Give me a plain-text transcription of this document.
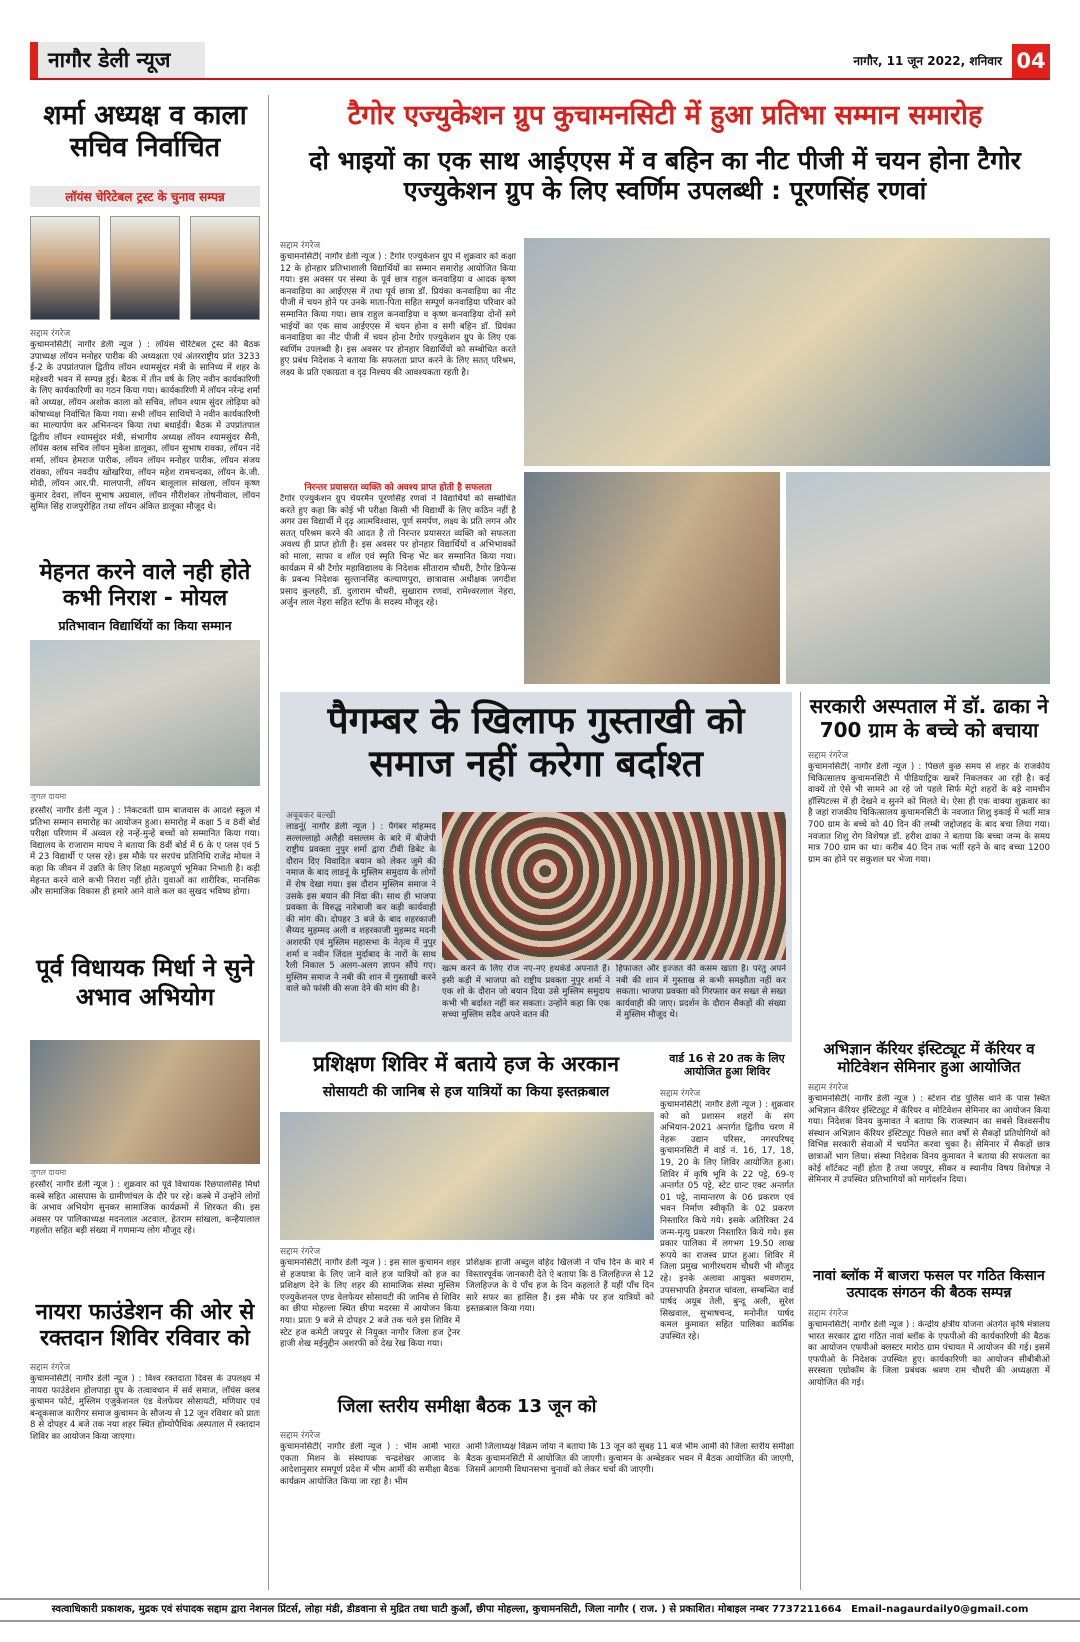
नागौर डेली न्यूज	नागौर, 11 जून 2022, शनिवार 04
शर्मा अध्यक्ष व काला सचिव निर्वाचित
लॉयंस चेरिटेबल ट्रस्ट के चुनाव सम्पन्न
सद्दाम रंगरेज
कुचामनसिटी( नागौर डेली न्यूज ) : लॉयंस चेरिटेबल ट्रस्ट की बैठक उपाध्यक्ष लॉयन मनोहर पारीक की अध्यक्षता एवं अंतरराष्ट्रीय प्रांत 3233 ई-2 के उपप्रांतपाल द्वितीय लॉयन श्यामसुंदर मंत्री के सानिध्य में शहर के महेश्वरी भवन में सम्पन्न हुई। बैठक में तीन वर्ष के लिए नवीन कार्यकारिणी के लिए कार्यकारिणी का गठन किया गया। कार्यकारिणी में लॉयन नरेन्द्र शर्मा को अध्यक्ष, लॉयन अशोक काला को सचिव, लॉयन श्याम सुंदर लोढ़िया को कोषाध्यक्ष निर्वाचित किया गया। सभी लॉयन साथियों ने नवीन कार्यकारिणी का माल्यार्पण कर अभिनन्दन किया तथा बधाईदी। बैठक में उपप्रांतपाल द्वितीय लॉयन श्यामसुंदर मंत्री, संभागीय अध्यक्ष लॉयन श्यामसुंदर सैनी, लॉयंस क्लब सचिव लॉयन मुकेश डालूका, लॉयन सुभाष रावका, लॉयन नंदे शर्मा, लॉयन हेमराज पारीक, लॉयन लॉयन मनोहर पारीक, लॉयन संजय रांवका, लॉयन नवदीप खोखरिया, लॉयन महेश रामचन्दका, लॉयन के.जी. मोदी, लॉयन आर.पी. मालपानी, लॉयन बालूलाल सांखला, लॉयन कृष्ण कुमार देवरा, लॉयन सुभाष अग्रवाल, लॉयन गौरीशंकर तोषनीवाल, लॉयन सुमित सिंह राजपुरोहित तथा लॉयन अंकित डालूका मौजूद थे।
मेहनत करने वाले नही होते कभी निराश - मोयल
प्रतिभावान विद्यार्थियों का किया सम्मान
जुगल दायमा
हरसौर( नागौर डेली न्यूज ) : निकटवर्ती ग्राम बाजवास के आदर्श स्कूल में प्रतिभा सम्मान समारोह का आयोजन हुआ। समारोह में कक्षा 5 व 8वीं बोर्ड परीक्षा परिणाम में अव्वल रहे नन्हें-मुन्हें बच्चों को सम्मानित किया गया। विद्यालय के राजाराम मायच ने बताया कि 8वीं बोर्ड में 6 के ए प्लस एवं 5 में 23 विद्यार्थी ए प्लस रहे। इस मौके पर सरपंच प्रतिनिधि राजेंद्र मोयल ने कहा कि जीवन में उन्नति के लिए शिक्षा महत्वपूर्ण भूमिका निभाती है। कड़ी मेहनत करने वाले कभी निराश नहीं होते। युवाओं का शारीरिक, मानसिक और सामाजिक विकास ही हमारे आने वाले कल का सुखद भविष्य होगा।
पूर्व विधायक मिर्धा ने सुने अभाव अभियोग
जुगल दायमा
हरसौर( नागौर डेली न्यूज ) : शुक्रवार को पूर्व विधायक रिछपालसिंह मिर्धा कस्बे सहित आसपास के ग्रामीणांचल के दौरे पर रहे। कस्बे में उन्होंने लोगों के अभाव अभियोग सुनकर सामाजिक कार्यक्रमों में शिरकत की। इस अवसर पर पालिकाध्यक्ष मदनलाल अटवाल, हेतराम सांखला, कन्हैयालाल गहलोत सहित बड़ी संख्या में गणमान्य लोग मौजूद रहे।
नायरा फाउंडेशन की ओर से रक्तदान शिविर रविवार को
सद्दाम रंगरेज
कुचामनसिटी( नागौर डेली न्यूज ) : विश्व रक्तदाता दिवस के उपलक्ष्य में नायरा फाउंडेशन होलपाड़ा ग्रुप के तत्वावधान में सर्व समाज, लॉयंस क्लब कुचामन फोर्ट, मुस्लिम एजुकेशनल एंड वेलफेयर सोसायटी, मणियार एवं बन्दूकसाज कारीगर समाज कुचामन के सौजन्य से 12 जून रविवार को प्रातः 8 से दोपहर 4 बजे तक नया शहर स्थित होम्योपैथिक अस्पताल में रक्तदान शिविर का आयोजन किया जाएगा।
टैगोर एज्युकेशन ग्रुप कुचामनसिटी में हुआ प्रतिभा सम्मान समारोह
दो भाइयों का एक साथ आईएएस में व बहिन का नीट पीजी में चयन होना टैगोर एज्युकेशन ग्रुप के लिए स्वर्णिम उपलब्धी : पूरणसिंह रणवां
सद्दाम रंगरेज
कुचामनसिटी( नागौर डेली न्यूज ) : टैगोर एज्युकेशन ग्रुप में शुक्रवार को कक्षा 12 के होनहार प्रतिभाशाली विद्यार्थियों का सम्मान समारोह आयोजित किया गया। इस अवसर पर संस्था के पूर्व छात्र राहुल कनवाड़िया व आदक कृष्ण कनवाड़िया का आईएएस में तथा पूर्व छात्रा डॉ. प्रियंका कनवाड़िया का नीट पीजी में चयन होने पर उनके माता-पिता सहित सम्पूर्ण कनवाड़िया परिवार को सम्मानित किया गया। छात्र राहुल कनवाड़िया व कृष्ण कनवाड़िया दोनों सगे भाईयों का एक साथ आईएएस में चयन होना व सगी बहिन डॉ. प्रियंका कनवाड़िया का नीट पीजी में चयन होना टैगोर एज्युकेशन ग्रुप के लिए एक स्वर्णिम उपलब्धी है। इस अवसर पर होनहार विद्यार्थियों को सम्बोधित करते हुए प्रबंध निदेशक ने बताया कि सफलता प्राप्त करने के लिए सतत् परिश्रम, लक्ष्य के प्रति एकाग्रता व दृढ़ निश्चय की आवश्यकता रहती है।
निरन्तर प्रयासरत व्यक्ति को अवश्य प्राप्त होती है सफलता
टैगोर एज्युकेशन ग्रुप चेयरमैन पूरणसिंह रणवां ने विद्यार्थियों को सम्बोधित करते हुए कहा कि कोई भी परीक्षा किसी भी विद्यार्थी के लिए कठिन नहीं है अगर उस विद्यार्थी में दृढ़ आत्मविश्वास, पूर्ण समर्पण, लक्ष्य के प्रति लगन और सतत् परिश्रम करने की आदत है तो निरन्तर प्रयासरत व्यक्ति को सफलता अवश्य ही प्राप्त होती है। इस अवसर पर होनहार विद्यार्थियों व अभिभावकों को माला, साफा व शॉल एवं स्मृति चिन्ह भेंट कर सम्मानित किया गया। कार्यक्रम में श्री टैगोर महाविद्यालय के निदेशक सीताराम चौधरी, टैगोर डिफेन्स के प्रबन्ध निदेशक सुल्तानसिंह कल्याणपुरा, छात्रावास अधीक्षक जगदीश प्रसाद कुलहरी, डॉ. दुलाराम चौधरी, सुखाराम रणवां, रामेश्वरलाल नेहरा, अर्जुन लाल नेहरा सहित स्टॉफ के सदस्य मौजूद रहे।
पैगम्बर के खिलाफ गुस्ताखी को समाज नहीं करेगा बर्दाश्त
अबूबकर बल्खी
लाडनूं( नागौर डेली न्यूज ) : पैगंबर मोहम्मद सल्लल्लाहो अलैही वसल्लम के बारे में बीजेपी राष्ट्रीय प्रवक्ता नुपुर शर्मा द्वारा टीवी डिबेट के दौरान दिए विवादित बयान को लेकर जुमे की नमाज के बाद लाडनूं के मुस्लिम समुदाय के लोगों में रोष देखा गया। इस दौरान मुस्लिम समाज ने उसके इस बयान की निंदा की। साथ ही भाजपा प्रवक्ता के विरुद्ध नारेबाजी कर कड़ी कार्यवाही की मांग की। दोपहर 3 बजे के बाद शहरकाजी सैय्यद मुहम्मद अली व शहरकाजी मुहम्मद मदनी अशरफी एवं मुस्लिम महासभा के नेतृत्व में नुपुर शर्मा व नवीन जिंदल मुर्दाबाद के नारों के साथ रैली निकाल 5 अलग-अलग ज्ञापन सौंपे गए। मुस्लिम समाज ने नबी की शान में गुस्ताखी करने वाले को फांसी की सजा देने की मांग की है।
खत्म करने के लिए रोज नए-नए हथकंडे अपनाते हैं। इसी कड़ी में भाजपा को राष्ट्रीय प्रवक्ता नुपुर शर्मा ने एक शो के दौरान जो बयान दिया उसे मुस्लिम समुदाय कभी भी बर्दाश्त नहीं कर सकता। उन्होंने कहा कि एक सच्चा मुस्लिम सदैव अपने वतन की
हिफाजत और इज्जत की कसम खाता है। परंतु अपने नबी की शान में गुस्ताख से कभी समझौता नहीं कर सकता। भाजपा प्रवक्ता को गिरफ्तार कर सख्त से सख्त कार्यवाही की जाए। प्रदर्शन के दौरान सैकड़ों की संख्या में मुस्लिम मौजूद थे।
सरकारी अस्पताल में डॉ. ढाका ने 700 ग्राम के बच्चे को बचाया
सद्दाम रंगरेज
कुचामनसिटी( नागौर डेली न्यूज ) : पिछले कुछ समय से शहर के राजकीय चिकित्सालय कुचामनसिटी में पीडियाट्रिक खबरें निकलकर आ रही है। कई वाक्यें तो ऐसे भी सामने आ रहे जो पहले सिर्फ मेट्रो शहरों के बड़े नामचीन हॉस्पिटल्स में ही देखने व सुनने को मिलते थे। ऐसा ही एक वाक्या शुक्रवार का है जहां राजकीय चिकित्सालय कुचामनसिटी के नवजात शिशु इकाई में भर्ती मात्र 700 ग्राम के बच्चे को 40 दिन की लम्बी जद्दोजहद के बाद बचा लिया गया। नवजात शिशु रोग विशेषज्ञ डॉ. हरीश ढाका ने बताया कि बच्चा जन्म के समय मात्र 700 ग्राम का था। करीब 40 दिन तक भर्ती रहने के बाद बच्चा 1200 ग्राम का होने पर सकुशल घर भेजा गया।
अभिज्ञान कॅरियर इंस्टिट्यूट में कॅरियर व मोटिवेशन सेमिनार हुआ आयोजित
सद्दाम रंगरेज
कुचामनसिटी( नागौर डेली न्यूज ) : स्टेशन रोड पुलिस थाने के पास स्थित अभिज्ञान कॅरियर इंस्टिट्यूट में कॅरियर व मोटिवेशन सेमिनार का आयोजन किया गया। निदेशक विनय कुमावत ने बताया कि राजस्थान का सबसे विश्वसनीय संस्थान अभिज्ञान कॅरियर इंस्टिट्यूट पिछले सात वर्षों से सैकड़ों प्रतियोगियों को विभिन्न सरकारी सेवाओं में चयनित करवा चुका है। सेमिनार में सैकड़ों छात्र छात्राओं भाग लिया। संस्था निदेशक विनय कुमावत ने बताया की सफलता का कोई शॉर्टकट नहीं होता है तथा जयपुर, सीकर व स्थानीय विषय विशेषज्ञ ने सेमिनार में उपस्थित प्रतिभागियों को मार्गदर्शन दिया।
नावां ब्लॉक में बाजरा फसल पर गठित किसान उत्पादक संगठन की बैठक सम्पन्न
सद्दाम रंगरेज
कुचामनसिटी( नागौर डेली न्यूज ) : केन्द्रीय क्षेत्रीय योजना अंतर्गत कृषि मंत्रालय भारत सरकार द्वारा गठित नावां ब्लॉक के एफपीओ की कार्यकारिणी की बैठक का आयोजन एफपीओ क्लस्टर मारोठ ग्राम पंचायत में आयोजन की गई। इसमें एफपीओ के निदेशक उपस्थित हुए। कार्यकारिणी का आयोजन सीबीबीओ सरस्वता एग्रोकॉम के जिला प्रबंधक श्रवण राम चौधरी की अध्यक्षता में आयोजित की गई।
प्रशिक्षण शिविर में बताये हज के अरकान
सोसायटी की जानिब से हज यात्रियों का किया इस्तक़बाल
सद्दाम रंगरेज
कुचामनसिटी( नागौर डेली न्यूज ) : इस साल कुचामन शहर से हजयात्रा के लिए जाने वाले हज यात्रियों को हज का प्रशिक्षण देने के लिए शहर की सामाजिक संस्था मुस्लिम एज्युकेशनल एण्ड वेलफेयर सोसायटी की जानिब से शिविर का छीपा मोहल्ला स्थित छीपा मदरसा में आयोजन किया गया। प्रातः 9 बजे से दोपहर 2 बजे तक चले इस शिविर में स्टेट हज कमेटी जयपुर से नियुक्त नागौर जिला हज ट्रेनर हाजी शेख मईनुद्दीन अशरफी को देख रेख किया गया।
प्रशिक्षक हाजी अब्दुल वहिद खिलजी ने पाँच दिन के बारे में विस्तारपूर्वक जानकारी देते ऐ बताया कि 8 जिलहिज्ज से 12 जिलहिज्ज के ये पाँच हज के दिन कहलाते हैं यहीं पाँच दिन सारे सफर का हासिल हैं। इस मौके पर हज यात्रियों को इस्तक़बाल किया गया।
वार्ड 16 से 20 तक के लिए आयोजित हुआ शिविर
सद्दाम रंगरेज
कुचामनसिटी( नागौर डेली न्यूज ) : शुक्रवार को को प्रशासन शहरों के संग अभियान-2021 अन्तर्गत द्वितीय चरण में नेहरू उद्यान परिसर, नगरपरिषद् कुचामनसिटी में वार्ड नं. 16, 17, 18, 19, 20 के लिए शिविर आयोजित हुआ। शिविर में कृषि भूमि के 22 पट्टे, 69-ए अन्तर्गत 05 पट्टे, स्टेट ग्रान्ट एक्ट अन्तर्गत 01 पट्टे, नामान्तरण के 06 प्रकरण एवं भवन निर्माण स्वीकृति के 02 प्रकरण निस्तारित किये गये। इसके अतिरिक्त 24 जन्म-मृत्यु प्रकरण निस्तारित किये गये। इस प्रकार पालिका में लगभग 19.50 लाख रूपये का राजस्व प्राप्त हुआ। शिविर में जिला प्रमुख भागीरथराम चौधरी भी मौजूद रहे। इनके अलावा आयुक्त श्रवणराम, उपसभापति हेमराज चांवला, सम्बन्धित वार्ड पार्षद अयूब तेली, बुन्दू अली, सुरेश सिखवाल, सुभाषचन्द, मनोनीत पार्षद कमल कुमावत सहित पालिका कार्मिक उपस्थित रहे।
जिला स्तरीय समीक्षा बैठक 13 जून को
सद्दाम रंगरेज
कुचामनसिटी( नागौर डेली न्यूज ) : भीम आर्मी भारत एकता मिशन के संस्थापक चन्द्रशेखर आजाद के आदेशानुसार समपूर्ण प्रदेश में भीम आर्मी की समीक्षा बैठक कार्यक्रम आयोजित किया जा रहा है। भीम
आर्मी जिलाध्यक्ष विक्रम जोया ने बताया कि 13 जून को सुबह 11 बजे भीम आर्मी की जिला स्तरीय समीक्षा बैठक कुचामनसिटी में आयोजित की जाएगी। कुचामन के अम्बेडकर भवन में बैठक आयोजित की जाएगी, जिसमें आगामी विधानसभा चुनावों को लेकर चर्चा की जाएगी।
स्वत्वाधिकारी प्रकाशक, मुद्रक एवं संपादक सद्दाम द्वारा नेशनल प्रिंटर्स, लोहा मंडी, डीडवाना से मुद्रित तथा घाटी कुआँ, छीपा मोहल्ला, कुचामनसिटी, जिला नागौर ( राज. ) से प्रकाशित। मोबाइल नम्बर 7737211664 Email-nagaurdaily0@gmail.com
